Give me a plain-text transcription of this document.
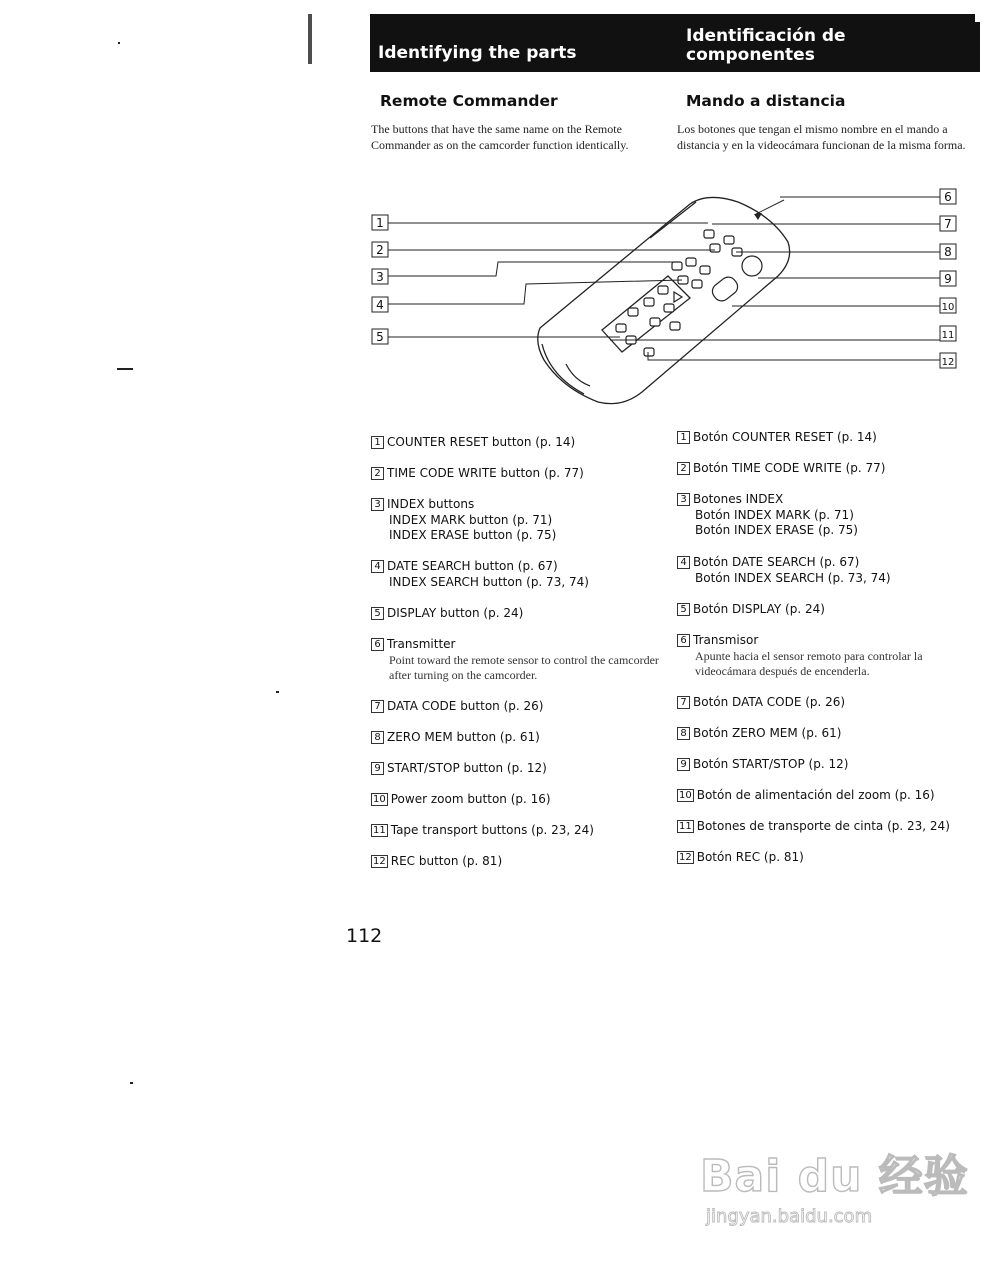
Identifying the parts
Identificación de componentes
Remote Commander	Mando a distancia
The buttons that have the same name on the Remote Commander as on the camcorder function identically.
Los botones que tengan el mismo nombre en el mando a distancia y en la videocámara funcionan de la misma forma.
1
2
3
4
5
6
7
8
9
10
11
12
1 COUNTER RESET button (p. 14)
2 TIME CODE WRITE button (p. 77)
3 INDEX buttons
INDEX MARK button (p. 71)
INDEX ERASE button (p. 75)
4 DATE SEARCH button (p. 67)
INDEX SEARCH button (p. 73, 74)
5 DISPLAY button (p. 24)
6 Transmitter
Point toward the remote sensor to control the camcorder after turning on the camcorder.
7 DATA CODE button (p. 26)
8 ZERO MEM button (p. 61)
9 START/STOP button (p. 12)
10 Power zoom button (p. 16)
11 Tape transport buttons (p. 23, 24)
12 REC button (p. 81)
1 Botón COUNTER RESET (p. 14)
2 Botón TIME CODE WRITE (p. 77)
3 Botones INDEX
Botón INDEX MARK (p. 71)
Botón INDEX ERASE (p. 75)
4 Botón DATE SEARCH (p. 67)
Botón INDEX SEARCH (p. 73, 74)
5 Botón DISPLAY (p. 24)
6 Transmisor
Apunte hacia el sensor remoto para controlar la videocámara después de encenderla.
7 Botón DATA CODE (p. 26)
8 Botón ZERO MEM (p. 61)
9 Botón START/STOP (p. 12)
10 Botón de alimentación del zoom (p. 16)
11 Botones de transporte de cinta (p. 23, 24)
12 Botón REC (p. 81)
112
Bai du 经验
jingyan.baidu.com
